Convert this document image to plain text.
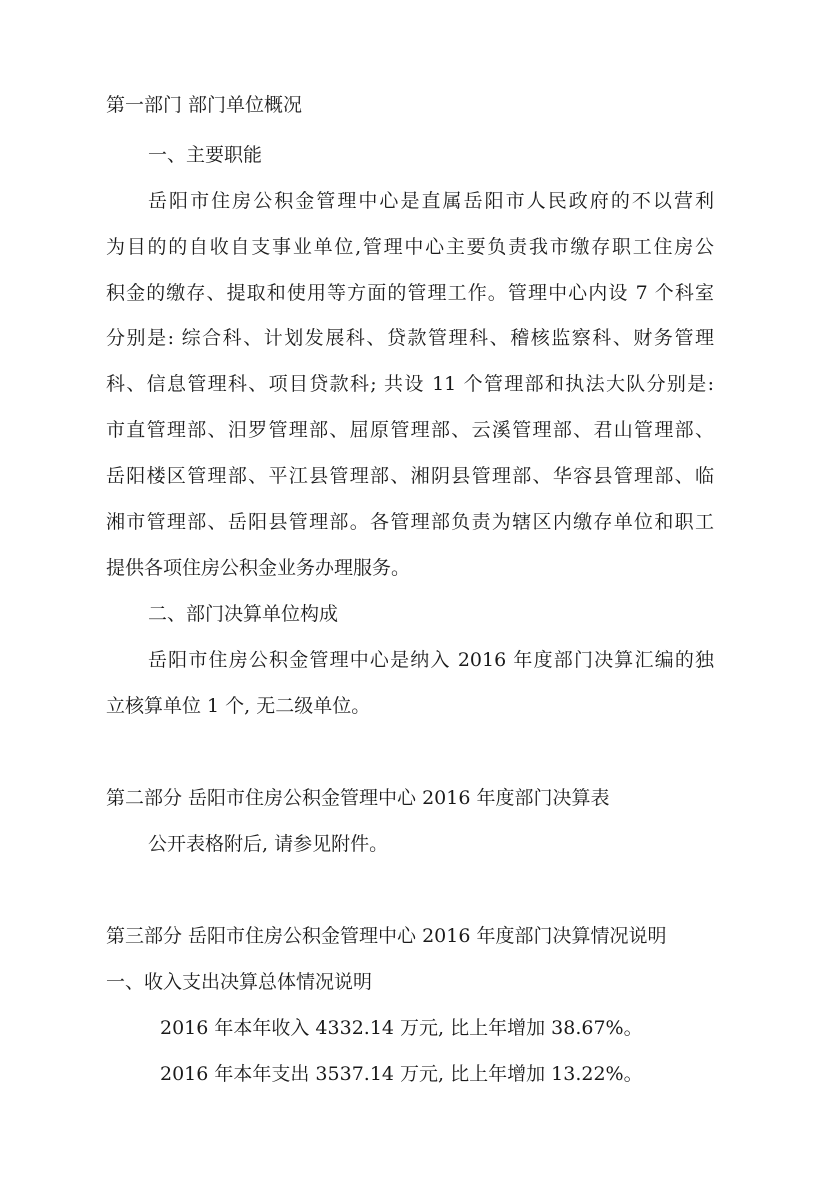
第一部门 部门单位概况
一、主要职能
岳阳市住房公积金管理中心是直属岳阳市人民政府的不以营利
为目的的自收自支事业单位,管理中心主要负责我市缴存职工住房公
积金的缴存、提取和使用等方面的管理工作。管理中心内设 7 个科室
分别是: 综合科、计划发展科、贷款管理科、稽核监察科、财务管理
科、信息管理科、项目贷款科; 共设 11 个管理部和执法大队分别是:
市直管理部、汨罗管理部、屈原管理部、云溪管理部、君山管理部、
岳阳楼区管理部、平江县管理部、湘阴县管理部、华容县管理部、临
湘市管理部、岳阳县管理部。各管理部负责为辖区内缴存单位和职工
提供各项住房公积金业务办理服务。
二、部门决算单位构成
岳阳市住房公积金管理中心是纳入 2016 年度部门决算汇编的独
立核算单位 1 个, 无二级单位。
第二部分 岳阳市住房公积金管理中心 2016 年度部门决算表
公开表格附后, 请参见附件。
第三部分 岳阳市住房公积金管理中心 2016 年度部门决算情况说明
一、收入支出决算总体情况说明
2016 年本年收入 4332.14 万元, 比上年增加 38.67%。
2016 年本年支出 3537.14 万元, 比上年增加 13.22%。
